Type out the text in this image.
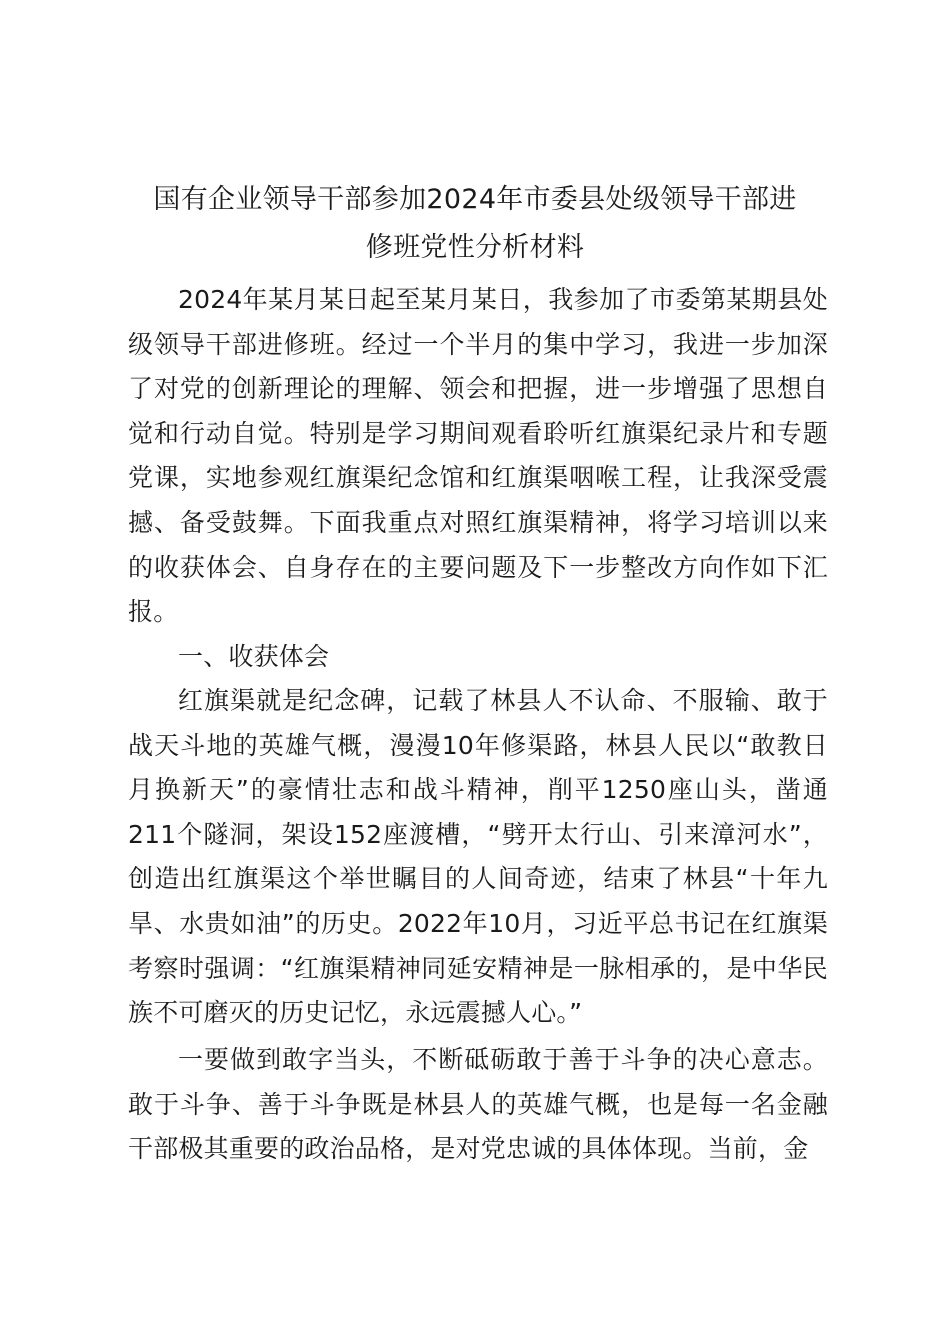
国有企业领导干部参加2024年市委县处级领导干部进
修班党性分析材料

2024年某月某日起至某月某日，我参加了市委第某期县处级领导干部进修班。经过一个半月的集中学习，我进一步加深了对党的创新理论的理解、领会和把握，进一步增强了思想自觉和行动自觉。特别是学习期间观看聆听红旗渠纪录片和专题党课，实地参观红旗渠纪念馆和红旗渠咽喉工程，让我深受震撼、备受鼓舞。下面我重点对照红旗渠精神，将学习培训以来的收获体会、自身存在的主要问题及下一步整改方向作如下汇报。

一、收获体会

红旗渠就是纪念碑，记载了林县人不认命、不服输、敢于战天斗地的英雄气概，漫漫10年修渠路，林县人民以“敢教日月换新天”的豪情壮志和战斗精神，削平1250座山头，凿通211个隧洞，架设152座渡槽，“劈开太行山、引来漳河水”，创造出红旗渠这个举世瞩目的人间奇迹，结束了林县“十年九旱、水贵如油”的历史。2022年10月，习近平总书记在红旗渠考察时强调：“红旗渠精神同延安精神是一脉相承的，是中华民族不可磨灭的历史记忆，永远震撼人心。”

一要做到敢字当头，不断砥砺敢于善于斗争的决心意志。敢于斗争、善于斗争既是林县人的英雄气概，也是每一名金融干部极其重要的政治品格，是对党忠诚的具体体现。当前，金
